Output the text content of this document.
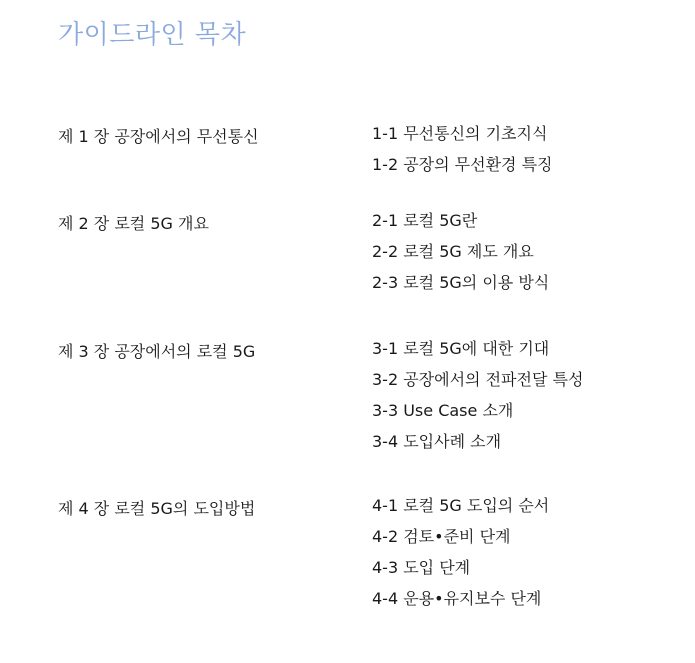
가이드라인 목차
제 1 장 공장에서의 무선통신	1-1 무선통신의 기초지식
1-2 공장의 무선환경 특징
제 2 장 로컬 5G 개요	2-1 로컬 5G란
2-2 로컬 5G 제도 개요
2-3 로컬 5G의 이용 방식
제 3 장 공장에서의 로컬 5G	3-1 로컬 5G에 대한 기대
3-2 공장에서의 전파전달 특성
3-3 Use Case 소개
3-4 도입사례 소개
제 4 장 로컬 5G의 도입방법	4-1 로컬 5G 도입의 순서
4-2 검토•준비 단계
4-3 도입 단계
4-4 운용•유지보수 단계
